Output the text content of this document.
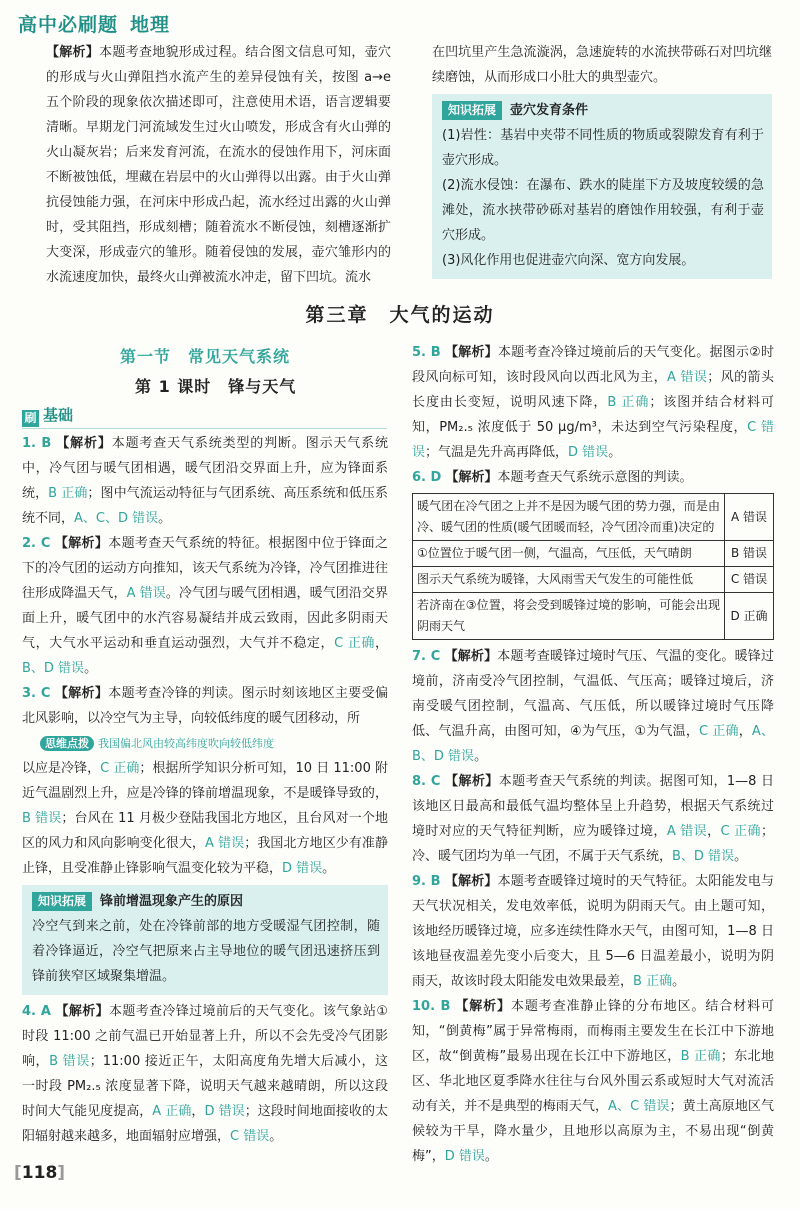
高中必刷题 地理

【解析】本题考查地貌形成过程。结合图文信息可知，壶穴的形成与火山弹阻挡水流产生的差异侵蚀有关，按图 a→e 五个阶段的现象依次描述即可，注意使用术语，语言逻辑要清晰。早期龙门河流域发生过火山喷发，形成含有火山弹的火山凝灰岩；后来发育河流，在流水的侵蚀作用下，河床面不断被蚀低，埋藏在岩层中的火山弹得以出露。由于火山弹抗侵蚀能力强，在河床中形成凸起，流水经过出露的火山弹时，受其阻挡，形成刻槽；随着流水不断侵蚀，刻槽逐渐扩大变深，形成壶穴的雏形。随着侵蚀的发展，壶穴雏形内的水流速度加快，最终火山弹被流水冲走，留下凹坑。流水

在凹坑里产生急流漩涡，急速旋转的水流挟带砾石对凹坑继续磨蚀，从而形成口小肚大的典型壶穴。

知识拓展 壶穴发育条件

(1)岩性：基岩中夹带不同性质的物质或裂隙发育有利于壶穴形成。

(2)流水侵蚀：在瀑布、跌水的陡崖下方及坡度较缓的急滩处，流水挟带砂砾对基岩的磨蚀作用较强，有利于壶穴形成。

(3)风化作用也促进壶穴向深、宽方向发展。

第三章　大气的运动
第一节　常见天气系统
第 1 课时　锋与天气
刷 基础

1. B 【解析】本题考查天气系统类型的判断。图示天气系统中，冷气团与暖气团相遇，暖气团沿交界面上升，应为锋面系统，B 正确；图中气流运动特征与气团系统、高压系统和低压系统不同，A、C、D 错误。

2. C 【解析】本题考查天气系统的特征。根据图中位于锋面之下的冷气团的运动方向推知，该天气系统为冷锋，冷气团推进往往形成降温天气，A 错误。冷气团与暖气团相遇，暖气团沿交界面上升，暖气团中的水汽容易凝结并成云致雨，因此多阴雨天气，大气水平运动和垂直运动强烈，大气并不稳定，C 正确，B、D 错误。

3. C 【解析】本题考查冷锋的判读。图示时刻该地区主要受偏北风影响，以冷空气为主导，向较低纬度的暖气团移动，所
思维点拨 我国偏北风由较高纬度吹向较低纬度
以应是冷锋，C 正确；根据所学知识分析可知，10 日 11:00 附近气温剧烈上升，应是冷锋的锋前增温现象，不是暖锋导致的，B 错误；台风在 11 月极少登陆我国北方地区，且台风对一个地区的风力和风向影响变化很大，A 错误；我国北方地区少有准静止锋，且受准静止锋影响气温变化较为平稳，D 错误。

知识拓展 锋前增温现象产生的原因

冷空气到来之前，处在冷锋前部的地方受暖湿气团控制，随着冷锋逼近，冷空气把原来占主导地位的暖气团迅速挤压到锋前狭窄区域聚集增温。

4. A 【解析】本题考查冷锋过境前后的天气变化。该气象站①时段 11:00 之前气温已开始显著上升，所以不会先受冷气团影响，B 错误；11:00 接近正午，太阳高度角先增大后减小，这一时段 PM₂.₅ 浓度显著下降，说明天气越来越晴朗，所以这段时间大气能见度提高，A 正确，D 错误；这段时间地面接收的太阳辐射越来越多，地面辐射应增强，C 错误。

5. B 【解析】本题考查冷锋过境前后的天气变化。据图示②时段风向标可知，该时段风向以西北风为主，A 错误；风的箭头长度由长变短，说明风速下降，B 正确；该图并结合材料可知，PM₂.₅ 浓度低于 50 μg/m³，未达到空气污染程度，C 错误；气温是先升高再降低，D 错误。

6. D 【解析】本题考查天气系统示意图的判读。

暖气团在冷气团之上并不是因为暖气团的势力强，而是由冷、暖气团的性质(暖气团暖而轻，冷气团冷而重)决定的	A 错误
①位置位于暖气团一侧，气温高，气压低，天气晴朗	B 错误
图示天气系统为暖锋，大风雨雪天气发生的可能性低	C 错误
若济南在③位置，将会受到暖锋过境的影响，可能会出现阴雨天气	D 正确

7. C 【解析】本题考查暖锋过境时气压、气温的变化。暖锋过境前，济南受冷气团控制，气温低、气压高；暖锋过境后，济南受暖气团控制，气温高、气压低，所以暖锋过境时气压降低、气温升高，由图可知，④为气压，①为气温，C 正确，A、B、D 错误。

8. C 【解析】本题考查天气系统的判读。据图可知，1—8 日该地区日最高和最低气温均整体呈上升趋势，根据天气系统过境时对应的天气特征判断，应为暖锋过境，A 错误，C 正确；冷、暖气团均为单一气团，不属于天气系统，B、D 错误。

9. B 【解析】本题考查暖锋过境时的天气特征。太阳能发电与天气状况相关，发电效率低，说明为阴雨天气。由上题可知，该地经历暖锋过境，应多连续性降水天气，由图可知，1—8 日该地昼夜温差先变小后变大，且 5—6 日温差最小，说明为阴雨天，故该时段太阳能发电效果最差，B 正确。

10. B 【解析】本题考查准静止锋的分布地区。结合材料可知，“倒黄梅”属于异常梅雨，而梅雨主要发生在长江中下游地区，故“倒黄梅”最易出现在长江中下游地区，B 正确；东北地区、华北地区夏季降水往往与台风外围云系或短时大气对流活动有关，并不是典型的梅雨天气，A、C 错误；黄土高原地区气候较为干旱，降水量少，且地形以高原为主，不易出现“倒黄梅”，D 错误。

[118]
